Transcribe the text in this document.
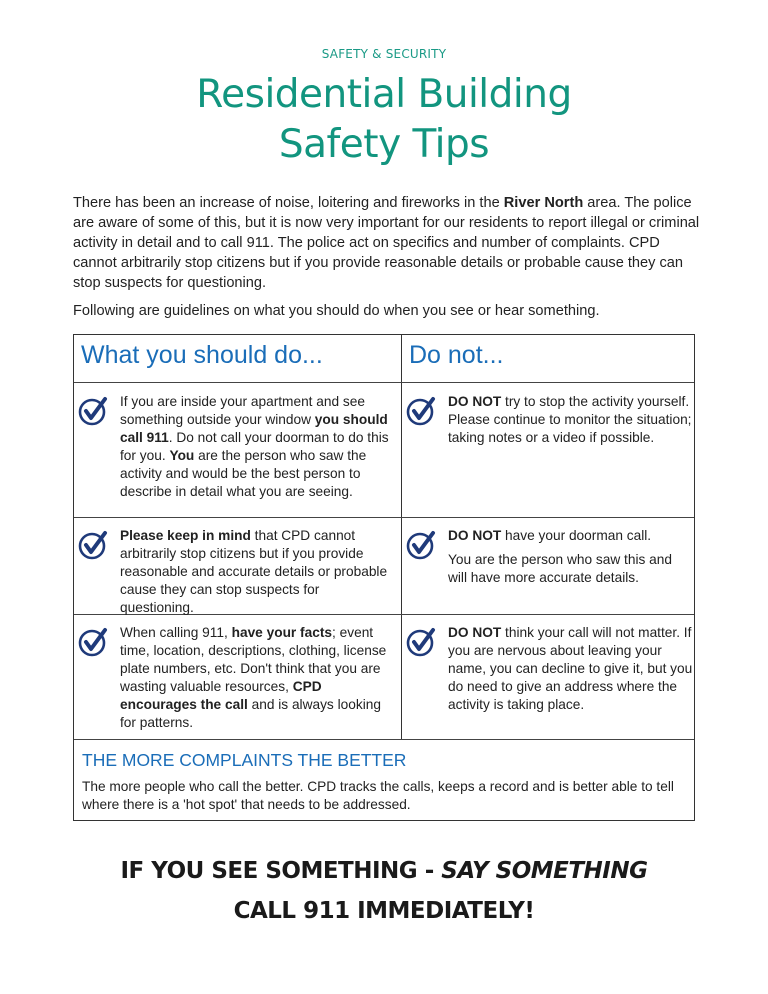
SAFETY & SECURITY
Residential Building
Safety Tips

There has been an increase of noise, loitering and fireworks in the River North area. The police are aware of some of this, but it is now very important for our residents to report illegal or criminal activity in detail and to call 911. The police act on specifics and number of complaints. CPD cannot arbitrarily stop citizens but if you provide reasonable details or probable cause they can stop suspects for questioning.

Following are guidelines on what you should do when you see or hear something.

What you should do...	Do not...

If you are inside your apartment and see something outside your window you should call 911. Do not call your doorman to do this for you. You are the person who saw the activity and would be the best person to describe in detail what you are seeing.

DO NOT try to stop the activity yourself. Please continue to monitor the situation; taking notes or a video if possible.

Please keep in mind that CPD cannot arbitrarily stop citizens but if you provide reasonable and accurate details or probable cause they can stop suspects for questioning.

DO NOT have your doorman call.

You are the person who saw this and will have more accurate details.

When calling 911, have your facts; event time, location, descriptions, clothing, license plate numbers, etc. Don't think that you are wasting valuable resources, CPD encourages the call and is always looking for patterns.

DO NOT think your call will not matter. If you are nervous about leaving your name, you can decline to give it, but you do need to give an address where the activity is taking place.

THE MORE COMPLAINTS THE BETTER
The more people who call the better. CPD tracks the calls, keeps a record and is better able to tell where there is a 'hot spot' that needs to be addressed.
IF YOU SEE SOMETHING - SAY SOMETHING
CALL 911 IMMEDIATELY!
